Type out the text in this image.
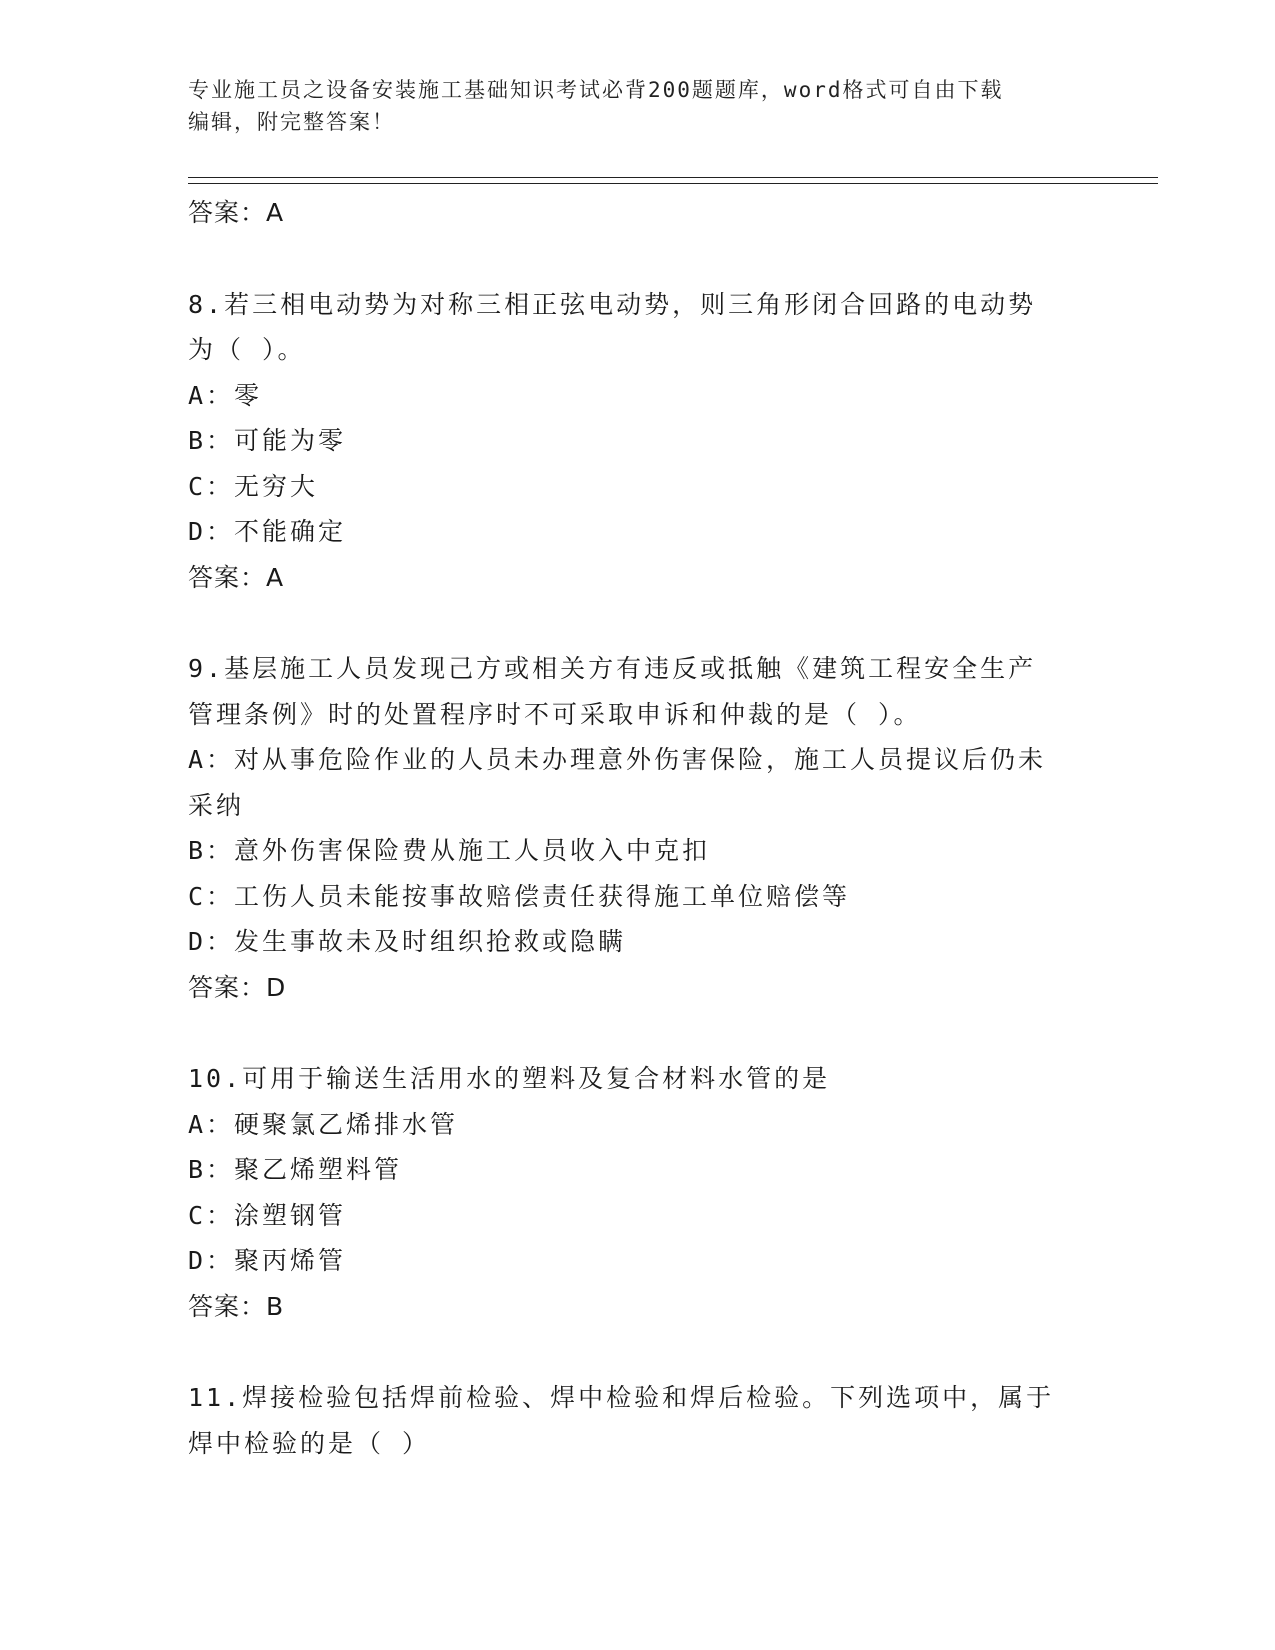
专业施工员之设备安装施工基础知识考试必背200题题库，word格式可自由下载
编辑，附完整答案！
答案：A
8.若三相电动势为对称三相正弦电动势，则三角形闭合回路的电动势
为（ ）。
A：零
B：可能为零
C：无穷大
D：不能确定
答案：A
9.基层施工人员发现己方或相关方有违反或抵触《建筑工程安全生产
管理条例》时的处置程序时不可采取申诉和仲裁的是（ ）。
A：对从事危险作业的人员未办理意外伤害保险，施工人员提议后仍未
采纳
B：意外伤害保险费从施工人员收入中克扣
C：工伤人员未能按事故赔偿责任获得施工单位赔偿等
D：发生事故未及时组织抢救或隐瞒
答案：D
10.可用于输送生活用水的塑料及复合材料水管的是
A：硬聚氯乙烯排水管
B：聚乙烯塑料管
C：涂塑钢管
D：聚丙烯管
答案：B
11.焊接检验包括焊前检验、焊中检验和焊后检验。下列选项中，属于
焊中检验的是（ ）
